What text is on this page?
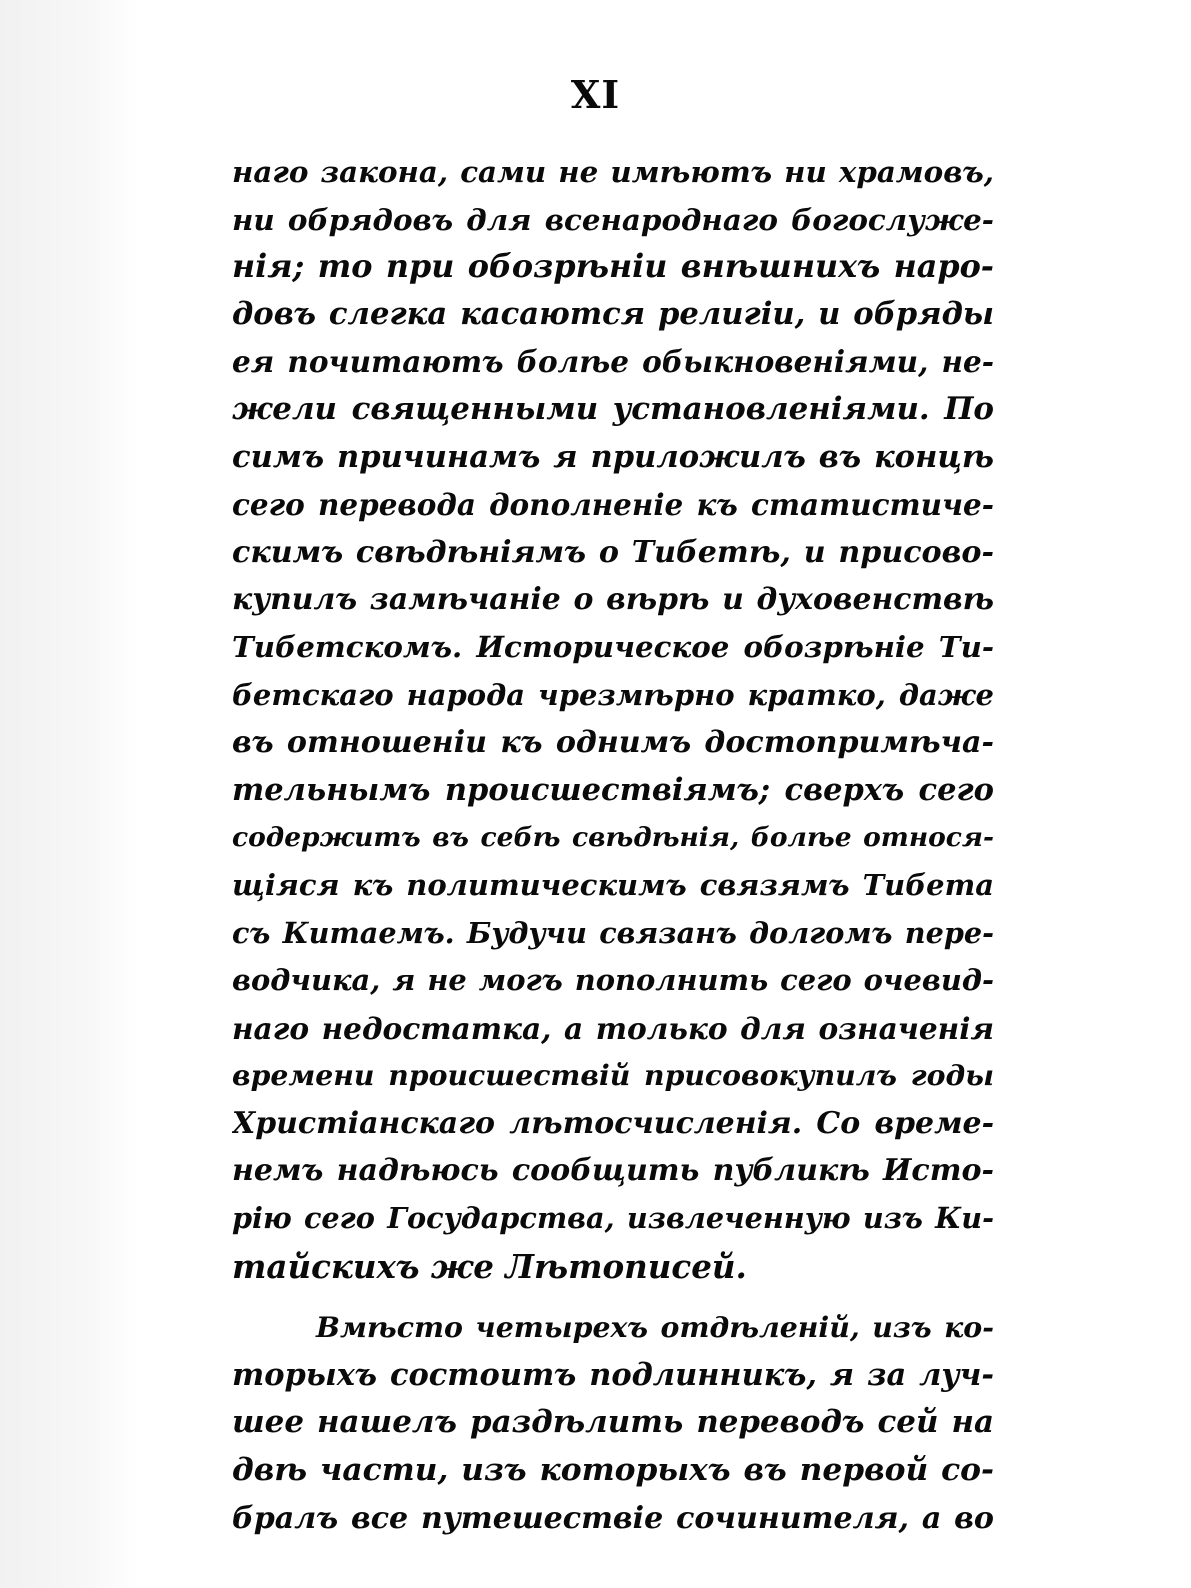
XI
наго закона, сами не имѣютъ ни храмовъ,
ни обрядовъ для всенароднаго богослуже-
нія; то при обозрѣніи внѣшнихъ наро-
довъ слегка касаются религіи, и обряды
ея почитаютъ болѣе обыкновеніями, не-
жели священными установленіями. По
симъ причинамъ я приложилъ въ концѣ
сего перевода дополненіе къ статистиче-
скимъ свѣдѣніямъ о Тибетѣ, и присово-
купилъ замѣчаніе о вѣрѣ и духовенствѣ
Тибетскомъ. Историческое обозрѣніе Ти-
бетскаго народа чрезмѣрно кратко, даже
въ отношеніи къ однимъ достопримѣча-
тельнымъ происшествіямъ; сверхъ сего
содержитъ въ себѣ свѣдѣнія, болѣе относя-
щіяся къ политическимъ связямъ Тибета
съ Китаемъ. Будучи связанъ долгомъ пере-
водчика, я не могъ пополнить сего очевид-
наго недостатка, а только для означенія
времени происшествій присовокупилъ годы
Христіанскаго лѣтосчисленія. Со време-
немъ надѣюсь сообщить публикѣ Исто-
рію сего Государства, извлеченную изъ Ки-
тайскихъ же Лѣтописей.
Вмѣсто четырехъ отдѣленій, изъ ко-
торыхъ состоитъ подлинникъ, я за луч-
шее нашелъ раздѣлить переводъ сей на
двѣ части, изъ которыхъ въ первой со-
бралъ все путешествіе сочинителя, а во
